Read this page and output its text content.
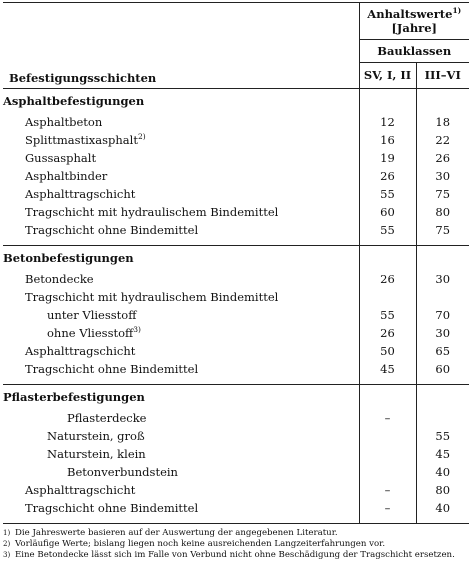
	Anhaltswerte$^{1)}$
[Jahre]	
	Bauklassen	
Befestigungsschichten	SV, I, II	III–VI
Asphaltbefestigungen		
Asphaltbeton	12	18
Splittmastixasphalt$^{2)}$	16	22
Gussasphalt	19	26
Asphaltbinder	26	30
Asphalttragschicht	55	75
Tragschicht mit hydraulischem Bindemittel	60	80
Tragschicht ohne Bindemittel	55	75

Betonbefestigungen		
Betondecke	26	30
Tragschicht mit hydraulischem Bindemittel		
unter Vliesstoff	55	70
ohne Vliesstoff$^{3)}$	26	30
Asphalttragschicht	50	65
Tragschicht ohne Bindemittel	45	60

Pflasterbefestigungen		
Pflasterdecke	–	
Naturstein, groß		55
Naturstein, klein		45
Betonverbundstein		40
Asphalttragschicht	–	80
Tragschicht ohne Bindemittel	–	40

1) Die Jahreswerte basieren auf der Auswertung der angegebenen Literatur.
2) Vorläufige Werte; bislang liegen noch keine ausreichenden Langzeiterfahrungen vor.
3) Eine Betondecke lässt sich im Falle von Verbund nicht ohne Beschädigung der Tragschicht ersetzen.
